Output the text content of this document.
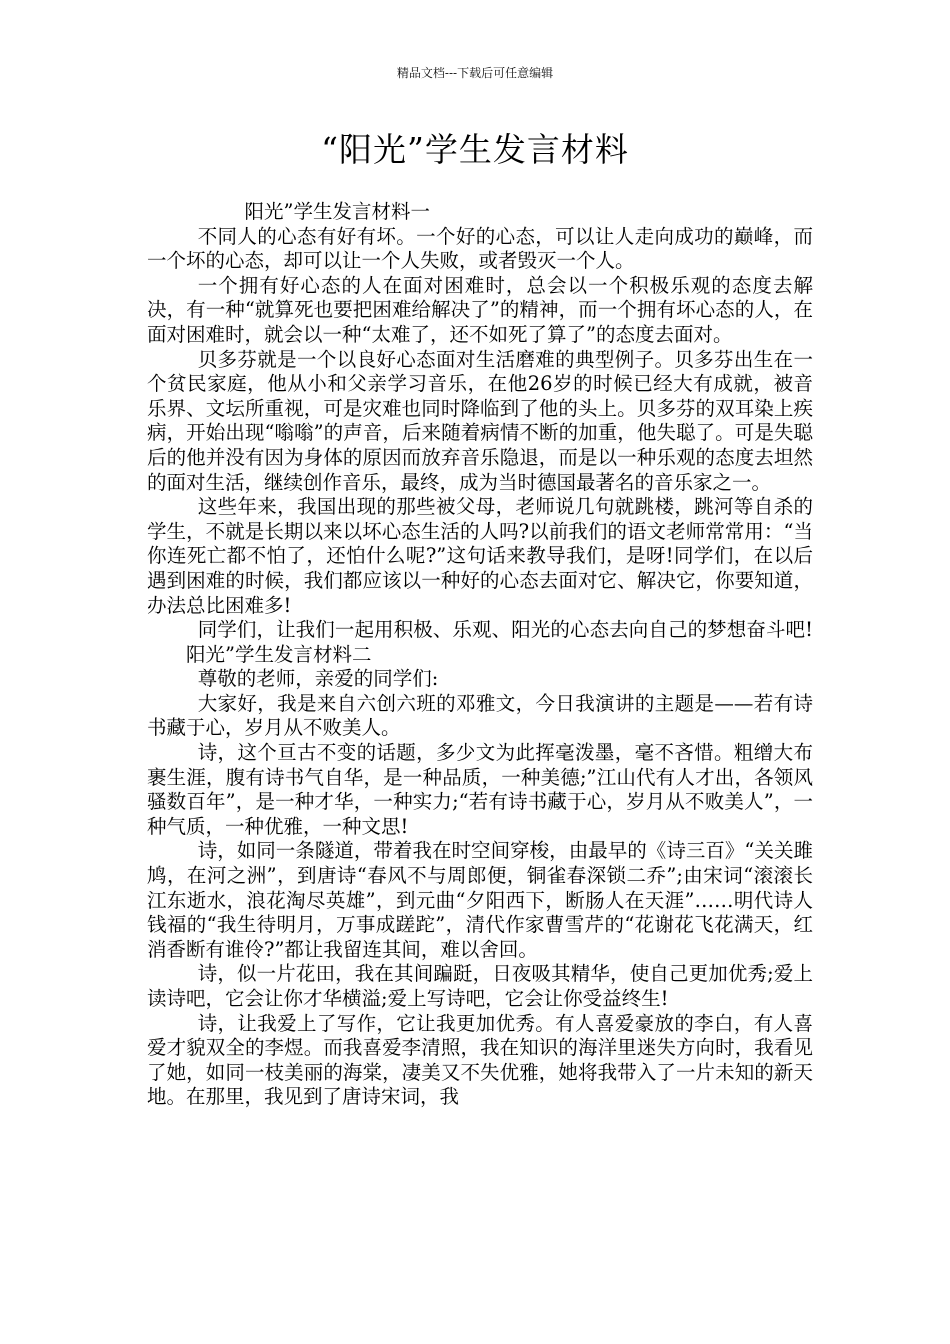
精品文档---下载后可任意编辑
“阳光”学生发言材料

阳光”学生发言材料一

不同人的心态有好有坏。一个好的心态，可以让人走向成功的巅峰，而一个坏的心态，却可以让一个人失败，或者毁灭一个人。

一个拥有好心态的人在面对困难时，总会以一个积极乐观的态度去解决，有一种“就算死也要把困难给解决了”的精神，而一个拥有坏心态的人，在面对困难时，就会以一种“太难了，还不如死了算了”的态度去面对。

贝多芬就是一个以良好心态面对生活磨难的典型例子。贝多芬出生在一个贫民家庭，他从小和父亲学习音乐，在他26岁的时候已经大有成就，被音乐界、文坛所重视，可是灾难也同时降临到了他的头上。贝多芬的双耳染上疾病，开始出现“嗡嗡”的声音，后来随着病情不断的加重，他失聪了。可是失聪后的他并没有因为身体的原因而放弃音乐隐退，而是以一种乐观的态度去坦然的面对生活，继续创作音乐，最终，成为当时德国最著名的音乐家之一。

这些年来，我国出现的那些被父母，老师说几句就跳楼，跳河等自杀的学生，不就是长期以来以坏心态生活的人吗?以前我们的语文老师常常用：“当你连死亡都不怕了，还怕什么呢?”这句话来教导我们，是呀!同学们，在以后遇到困难的时候，我们都应该以一种好的心态去面对它、解决它，你要知道，办法总比困难多!

同学们，让我们一起用积极、乐观、阳光的心态去向自己的梦想奋斗吧!阳光”学生发言材料二

尊敬的老师，亲爱的同学们:

大家好，我是来自六创六班的邓雅文，今日我演讲的主题是——若有诗书藏于心，岁月从不败美人。

诗，这个亘古不变的话题，多少文为此挥毫泼墨，毫不吝惜。粗缯大布裹生涯，腹有诗书气自华，是一种品质，一种美德;”江山代有人才出，各领风骚数百年”，是一种才华，一种实力;“若有诗书藏于心，岁月从不败美人”，一种气质，一种优雅，一种文思!

诗，如同一条隧道，带着我在时空间穿梭，由最早的《诗三百》“关关雎鸠，在河之洲”，到唐诗“春风不与周郎便，铜雀春深锁二乔”;由宋词“滚滚长江东逝水，浪花淘尽英雄”，到元曲“夕阳西下，断肠人在天涯”……明代诗人钱福的“我生待明月，万事成蹉跎”，清代作家曹雪芹的“花谢花飞花满天，红消香断有谁伶?”都让我留连其间，难以舍回。

诗，似一片花田，我在其间蹁跹，日夜吸其精华，使自己更加优秀;爱上读诗吧，它会让你才华横溢;爱上写诗吧，它会让你受益终生!

诗，让我爱上了写作，它让我更加优秀。有人喜爱豪放的李白，有人喜爱才貌双全的李煜。而我喜爱李清照，我在知识的海洋里迷失方向时，我看见了她，如同一枝美丽的海棠，凄美又不失优雅，她将我带入了一片未知的新天地。在那里，我见到了唐诗宋词，我
